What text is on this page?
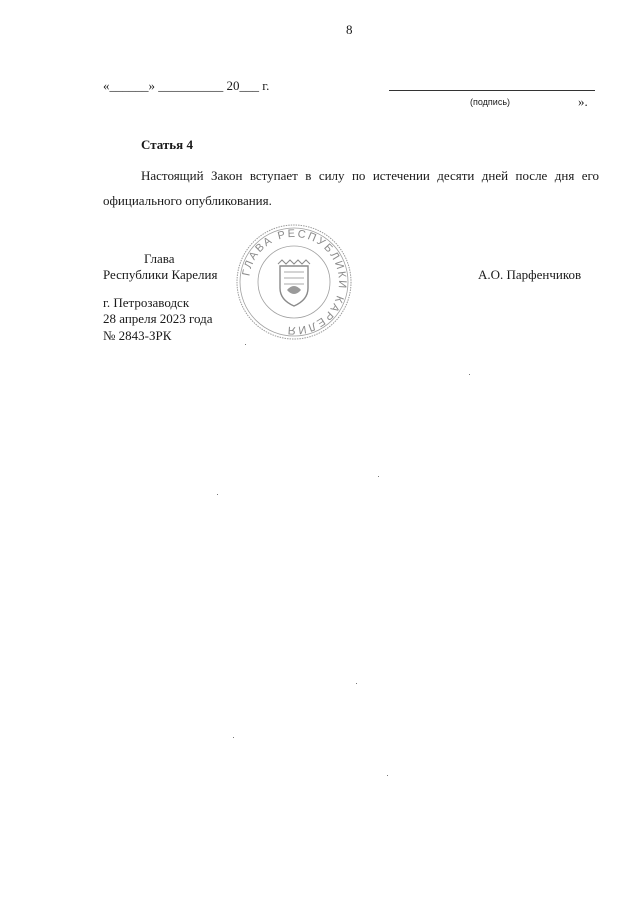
8
«______» __________ 20___ г.
(подпись)	».
Статья 4
Настоящий Закон вступает в силу по истечении десяти дней после дня его официального опубликования.
ГЛАВА РЕСПУБЛИКИ КАРЕЛИЯ
Глава
Республики Карелия	А.О. Парфенчиков
г. Петрозаводск
28 апреля 2023 года
№ 2843-ЗРК
